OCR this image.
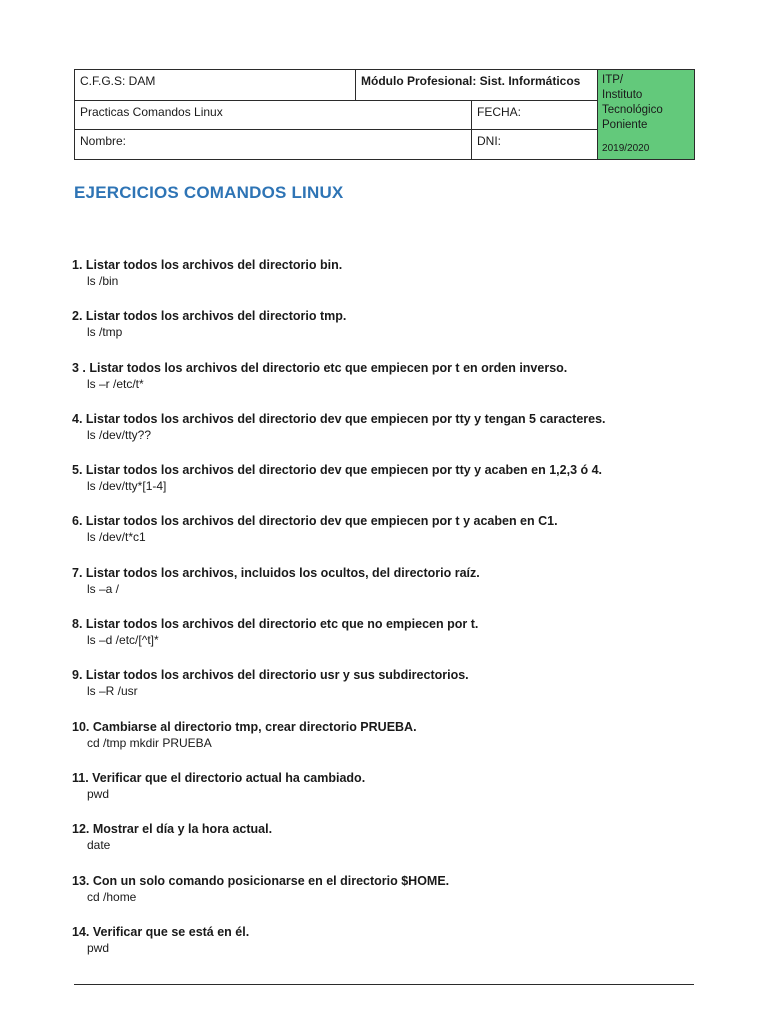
C.F.G.S: DAM	Módulo Profesional: Sist. Informáticos		ITP/
Instituto
Tecnológico
Poniente
2019/2020

Practicas Comandos Linux		FECHA:	
Nombre:		DNI:	
EJERCICIOS COMANDOS LINUX
1. Listar todos los archivos del directorio bin.
ls /bin
2. Listar todos los archivos del directorio tmp.
ls /tmp
3 . Listar todos los archivos del directorio etc que empiecen por t en orden inverso.
ls –r /etc/t*
4. Listar todos los archivos del directorio dev que empiecen por tty y tengan 5 caracteres.
ls /dev/tty??
5. Listar todos los archivos del directorio dev que empiecen por tty y acaben en 1,2,3 ó 4.
ls /dev/tty*[1-4]
6. Listar todos los archivos del directorio dev que empiecen por t y acaben en C1.
ls /dev/t*c1
7. Listar todos los archivos, incluidos los ocultos, del directorio raíz.
ls –a /
8. Listar todos los archivos del directorio etc que no empiecen por t.
ls –d /etc/[^t]*
9. Listar todos los archivos del directorio usr y sus subdirectorios.
ls –R /usr
10. Cambiarse al directorio tmp, crear directorio PRUEBA.
cd /tmp mkdir PRUEBA
11. Verificar que el directorio actual ha cambiado.
pwd
12. Mostrar el día y la hora actual.
date
13. Con un solo comando posicionarse en el directorio $HOME.
cd /home
14. Verificar que se está en él.
pwd
